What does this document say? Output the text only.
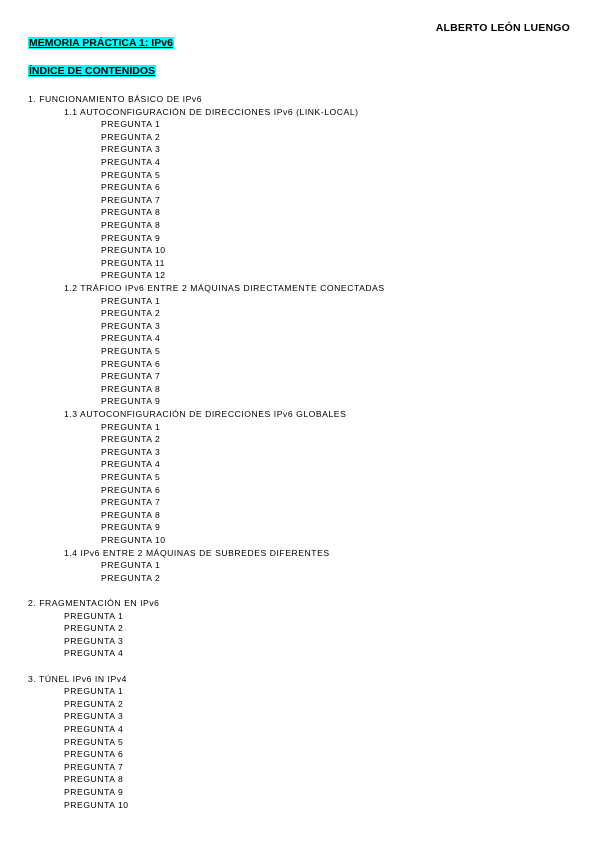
ALBERTO LEÓN LUENGO
MEMORIA PRÁCTICA 1: IPv6
ÍNDICE DE CONTENIDOS
1. FUNCIONAMIENTO BÁSICO DE IPv6
1.1 AUTOCONFIGURACIÓN DE DIRECCIONES IPv6 (LINK-LOCAL)
PREGUNTA 1
PREGUNTA 2
PREGUNTA 3
PREGUNTA 4
PREGUNTA 5
PREGUNTA 6
PREGUNTA 7
PREGUNTA 8
PREGUNTA 8
PREGUNTA 9
PREGUNTA 10
PREGUNTA 11
PREGUNTA 12
1.2 TRÁFICO IPv6 ENTRE 2 MÁQUINAS DIRECTAMENTE CONECTADAS
PREGUNTA 1
PREGUNTA 2
PREGUNTA 3
PREGUNTA 4
PREGUNTA 5
PREGUNTA 6
PREGUNTA 7
PREGUNTA 8
PREGUNTA 9
1.3 AUTOCONFIGURACIÓN DE DIRECCIONES IPv6 GLOBALES
PREGUNTA 1
PREGUNTA 2
PREGUNTA 3
PREGUNTA 4
PREGUNTA 5
PREGUNTA 6
PREGUNTA 7
PREGUNTA 8
PREGUNTA 9
PREGUNTA 10
1.4 IPv6 ENTRE 2 MÁQUINAS DE SUBREDES DIFERENTES
PREGUNTA 1
PREGUNTA 2
2. FRAGMENTACIÓN EN IPv6
PREGUNTA 1
PREGUNTA 2
PREGUNTA 3
PREGUNTA 4
3. TÚNEL IPv6 IN IPv4
PREGUNTA 1
PREGUNTA 2
PREGUNTA 3
PREGUNTA 4
PREGUNTA 5
PREGUNTA 6
PREGUNTA 7
PREGUNTA 8
PREGUNTA 9
PREGUNTA 10
